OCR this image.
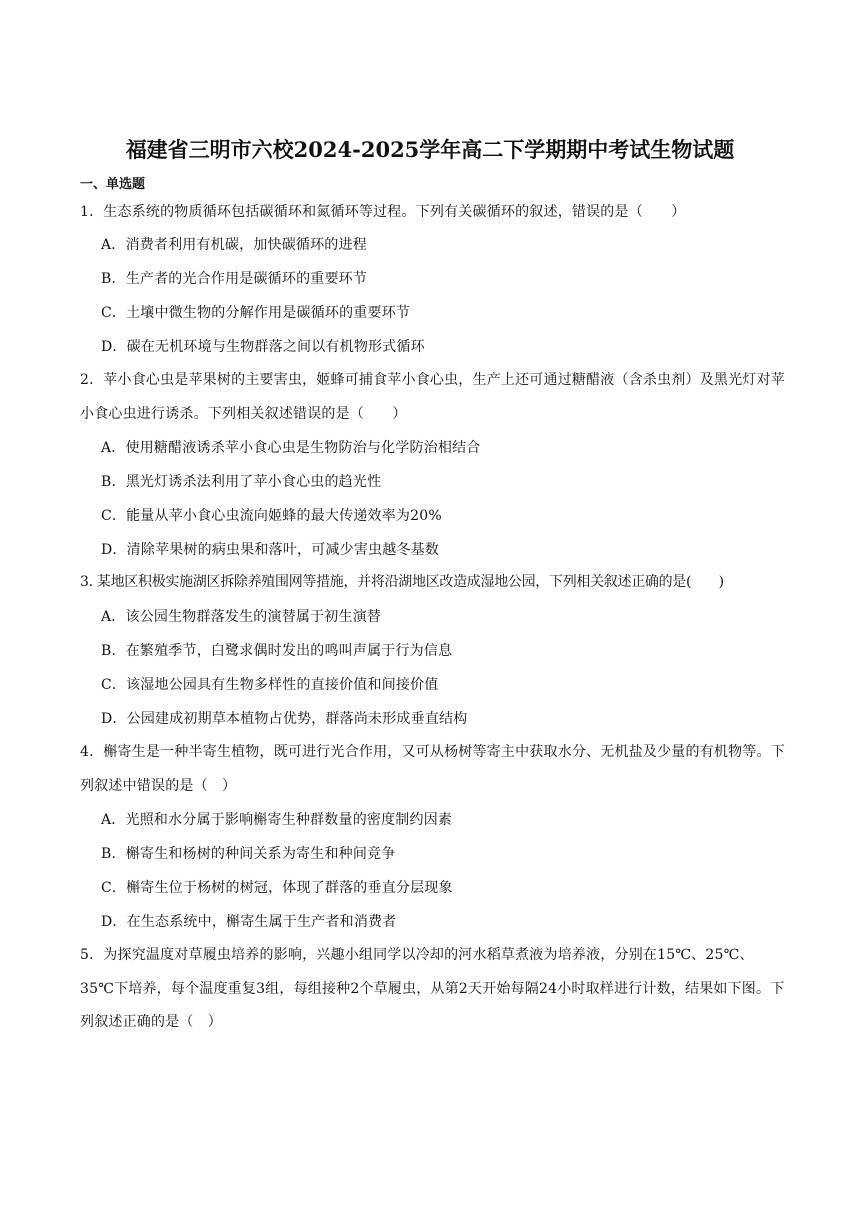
福建省三明市六校2024-2025学年高二下学期期中考试生物试题
一、单选题
1．生态系统的物质循环包括碳循环和氮循环等过程。下列有关碳循环的叙述，错误的是（　　）
A．消费者利用有机碳，加快碳循环的进程
B．生产者的光合作用是碳循环的重要环节
C．土壤中微生物的分解作用是碳循环的重要环节
D．碳在无机环境与生物群落之间以有机物形式循环
2．苹小食心虫是苹果树的主要害虫，姬蜂可捕食苹小食心虫，生产上还可通过糖醋液（含杀虫剂）及黑光灯对苹小食心虫进行诱杀。下列相关叙述错误的是（　　）
A．使用糖醋液诱杀苹小食心虫是生物防治与化学防治相结合
B．黑光灯诱杀法利用了苹小食心虫的趋光性
C．能量从苹小食心虫流向姬蜂的最大传递效率为20%
D．清除苹果树的病虫果和落叶，可减少害虫越冬基数
3. 某地区积极实施湖区拆除养殖围网等措施，并将沿湖地区改造成湿地公园，下列相关叙述正确的是(　　)
A．该公园生物群落发生的演替属于初生演替
B．在繁殖季节，白鹭求偶时发出的鸣叫声属于行为信息
C．该湿地公园具有生物多样性的直接价值和间接价值
D．公园建成初期草本植物占优势，群落尚未形成垂直结构
4．槲寄生是一种半寄生植物，既可进行光合作用，又可从杨树等寄主中获取水分、无机盐及少量的有机物等。下列叙述中错误的是（　）
A．光照和水分属于影响槲寄生种群数量的密度制约因素
B．槲寄生和杨树的种间关系为寄生和种间竞争
C．槲寄生位于杨树的树冠，体现了群落的垂直分层现象
D．在生态系统中，槲寄生属于生产者和消费者
5．为探究温度对草履虫培养的影响，兴趣小组同学以冷却的河水稻草煮液为培养液，分别在15℃、25℃、35℃下培养，每个温度重复3组，每组接种2个草履虫，从第2天开始每隔24小时取样进行计数，结果如下图。下列叙述正确的是（　）
